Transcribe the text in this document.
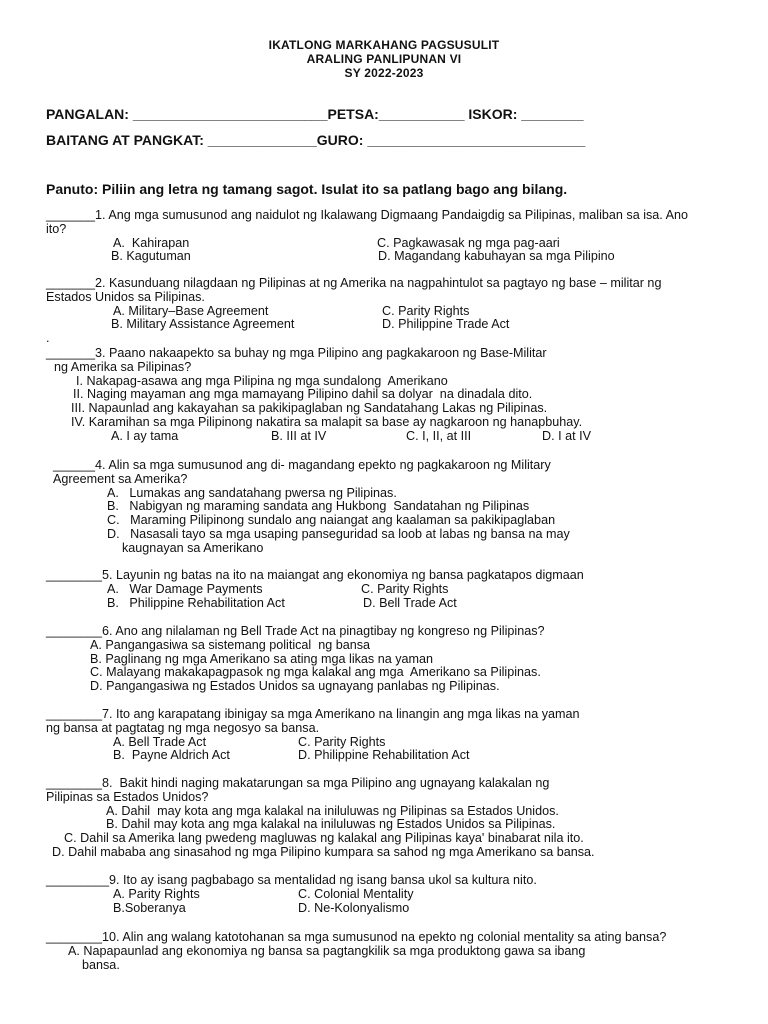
IKATLONG MARKAHANG PAGSUSULIT
ARALING PANLIPUNAN VI
SY 2022-2023
PANGALAN: _________________________PETSA:___________ ISKOR: ________
BAITANG AT PANGKAT: ______________GURO: ____________________________
Panuto: Piliin ang letra ng tamang sagot. Isulat ito sa patlang bago ang bilang.
_______1. Ang mga sumusunod ang naidulot ng Ikalawang Digmaang Pandaigdig sa Pilipinas, maliban sa isa. Ano
ito?
A.  Kahirapan	C. Pagkawasak ng mga pag-aari
B. Kagutuman	D. Magandang kabuhayan sa mga Pilipino
_______2. Kasunduang nilagdaan ng Pilipinas at ng Amerika na nagpahintulot sa pagtayo ng base – militar ng
Estados Unidos sa Pilipinas.
A. Military–Base Agreement	C. Parity Rights
B. Military Assistance Agreement	D. Philippine Trade Act
.
_______3. Paano nakaapekto sa buhay ng mga Pilipino ang pagkakaroon ng Base-Militar
ng Amerika sa Pilipinas?
I. Nakapag-asawa ang mga Pilipina ng mga sundalong  Amerikano
II. Naging mayaman ang mga mamayang Pilipino dahil sa dolyar  na dinadala dito.
III. Napaunlad ang kakayahan sa pakikipaglaban ng Sandatahang Lakas ng Pilipinas.
IV. Karamihan sa mga Pilipinong nakatira sa malapit sa base ay nagkaroon ng hanapbuhay.
A. I ay tama	B. III at IV	C. I, II, at III	D. I at IV
______4. Alin sa mga sumusunod ang di- magandang epekto ng pagkakaroon ng Military
Agreement sa Amerika?
A.   Lumakas ang sandatahang pwersa ng Pilipinas.
B.   Nabigyan ng maraming sandata ang Hukbong  Sandatahan ng Pilipinas
C.   Maraming Pilipinong sundalo ang naiangat ang kaalaman sa pakikipaglaban
D.   Nasasali tayo sa mga usaping panseguridad sa loob at labas ng bansa na may
kaugnayan sa Amerikano
________5. Layunin ng batas na ito na maiangat ang ekonomiya ng bansa pagkatapos digmaan
A.   War Damage Payments	C. Parity Rights
B.   Philippine Rehabilitation Act	D. Bell Trade Act
________6. Ano ang nilalaman ng Bell Trade Act na pinagtibay ng kongreso ng Pilipinas?
A. Pangangasiwa sa sistemang political  ng bansa
B. Paglinang ng mga Amerikano sa ating mga likas na yaman
C. Malayang makakapagpasok ng mga kalakal ang mga  Amerikano sa Pilipinas.
D. Pangangasiwa ng Estados Unidos sa ugnayang panlabas ng Pilipinas.
________7. Ito ang karapatang ibinigay sa mga Amerikano na linangin ang mga likas na yaman
ng bansa at pagtatag ng mga negosyo sa bansa.
A. Bell Trade Act	C. Parity Rights
B.  Payne Aldrich Act	D. Philippine Rehabilitation Act
________8.  Bakit hindi naging makatarungan sa mga Pilipino ang ugnayang kalakalan ng
Pilipinas sa Estados Unidos?
A. Dahil  may kota ang mga kalakal na iniluluwas ng Pilipinas sa Estados Unidos.
B. Dahil may kota ang mga kalakal na iniluluwas ng Estados Unidos sa Pilipinas.
C. Dahil sa Amerika lang pwedeng magluwas ng kalakal ang Pilipinas kaya' binabarat nila ito.
D. Dahil mababa ang sinasahod ng mga Pilipino kumpara sa sahod ng mga Amerikano sa bansa.
_________9. Ito ay isang pagbabago sa mentalidad ng isang bansa ukol sa kultura nito.
A. Parity Rights	C. Colonial Mentality
B.Soberanya	D. Ne-Kolonyalismo
________10. Alin ang walang katotohanan sa mga sumusunod na epekto ng colonial mentality sa ating bansa?
A. Napapaunlad ang ekonomiya ng bansa sa pagtangkilik sa mga produktong gawa sa ibang
bansa.
